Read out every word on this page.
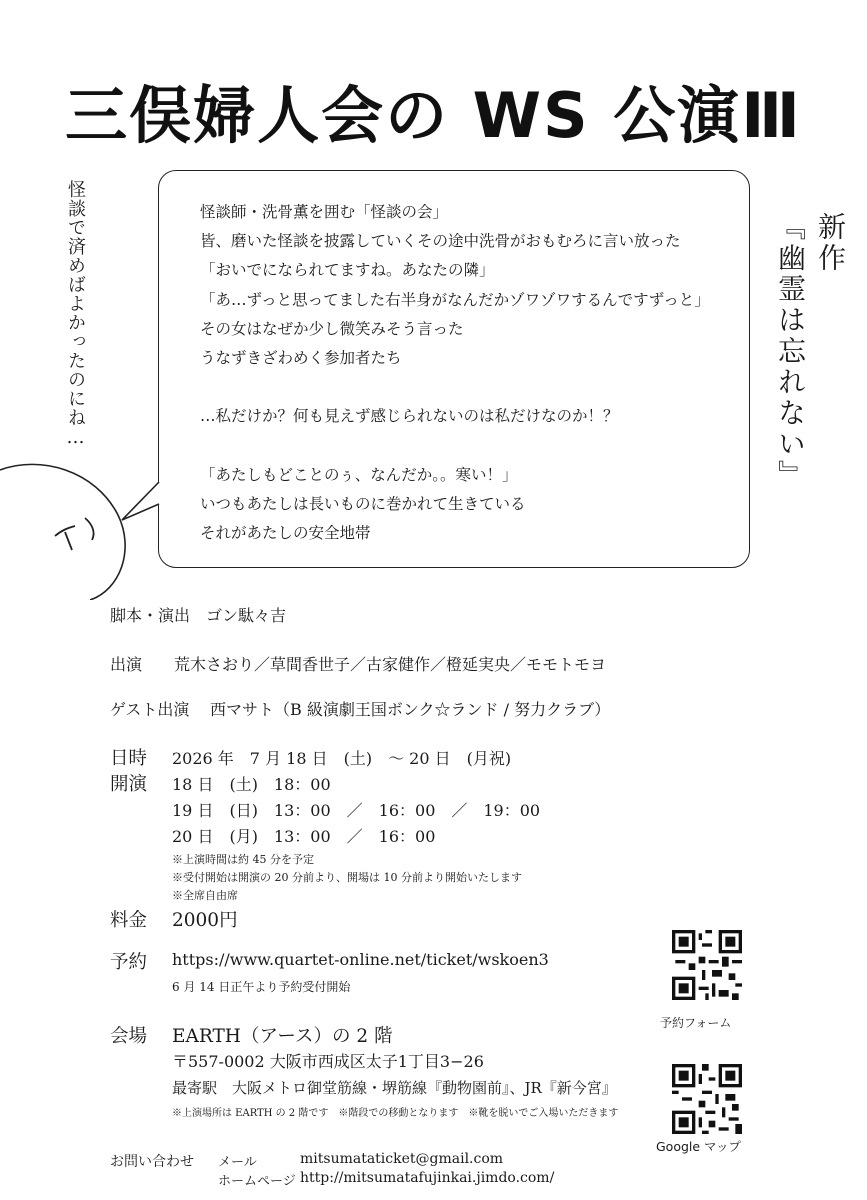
三俣婦人会の WS 公演Ⅲ
怪談で済めばよかったのにね…	怪談師・洗骨薫を囲む「怪談の会」
皆、磨いた怪談を披露していくその途中洗骨がおもむろに言い放った
「おいでになられてますね。あなたの隣」
「あ…ずっと思ってました右半身がなんだかゾワゾワするんですずっと」
その女はなぜか少し微笑みそう言った
うなずきざわめく参加者たち
…私だけか？何も見えず感じられないのは私だけなのか！？
「あたしもどことのぅ、なんだか。。寒い！」
いつもあたしは長いものに巻かれて生きている
それがあたしの安全地帯
新作
『幽霊は忘れない』
脚本・演出　ゴン駄々吉
出演 荒木さおり／草間香世子／古家健作／橙延実央／モモトモヨ
ゲスト出演 西マサト（B 級演劇王国ボンク☆ランド / 努力クラブ）
日時 2026 年　7 月 18 日　(土)　〜 20 日　(月祝)
開演 18 日　(土)　18：00
19 日　(日)　13：00　／　16：00　／　19：00
20 日　(月)　13：00　／　16：00
※上演時間は約 45 分を予定
※受付開始は開演の 20 分前より、開場は 10 分前より開始いたします
※全席自由席
料金 2000円
予約 https://www.quartet-online.net/ticket/wskoen3
6 月 14 日正午より予約受付開始
会場 EARTH（アース）の 2 階
〒557-0002 大阪市西成区太子1丁目3−26
最寄駅　大阪メトロ御堂筋線・堺筋線『動物園前』、JR『新今宮』
※上演場所は EARTH の 2 階です　※階段での移動となります　※靴を脱いでご入場いただきます
予約フォーム
Google マップ
お問い合わせ メール	mitsumataticket@gmail.com
ホームページ http://mitsumatafujinkai.jimdo.com/
